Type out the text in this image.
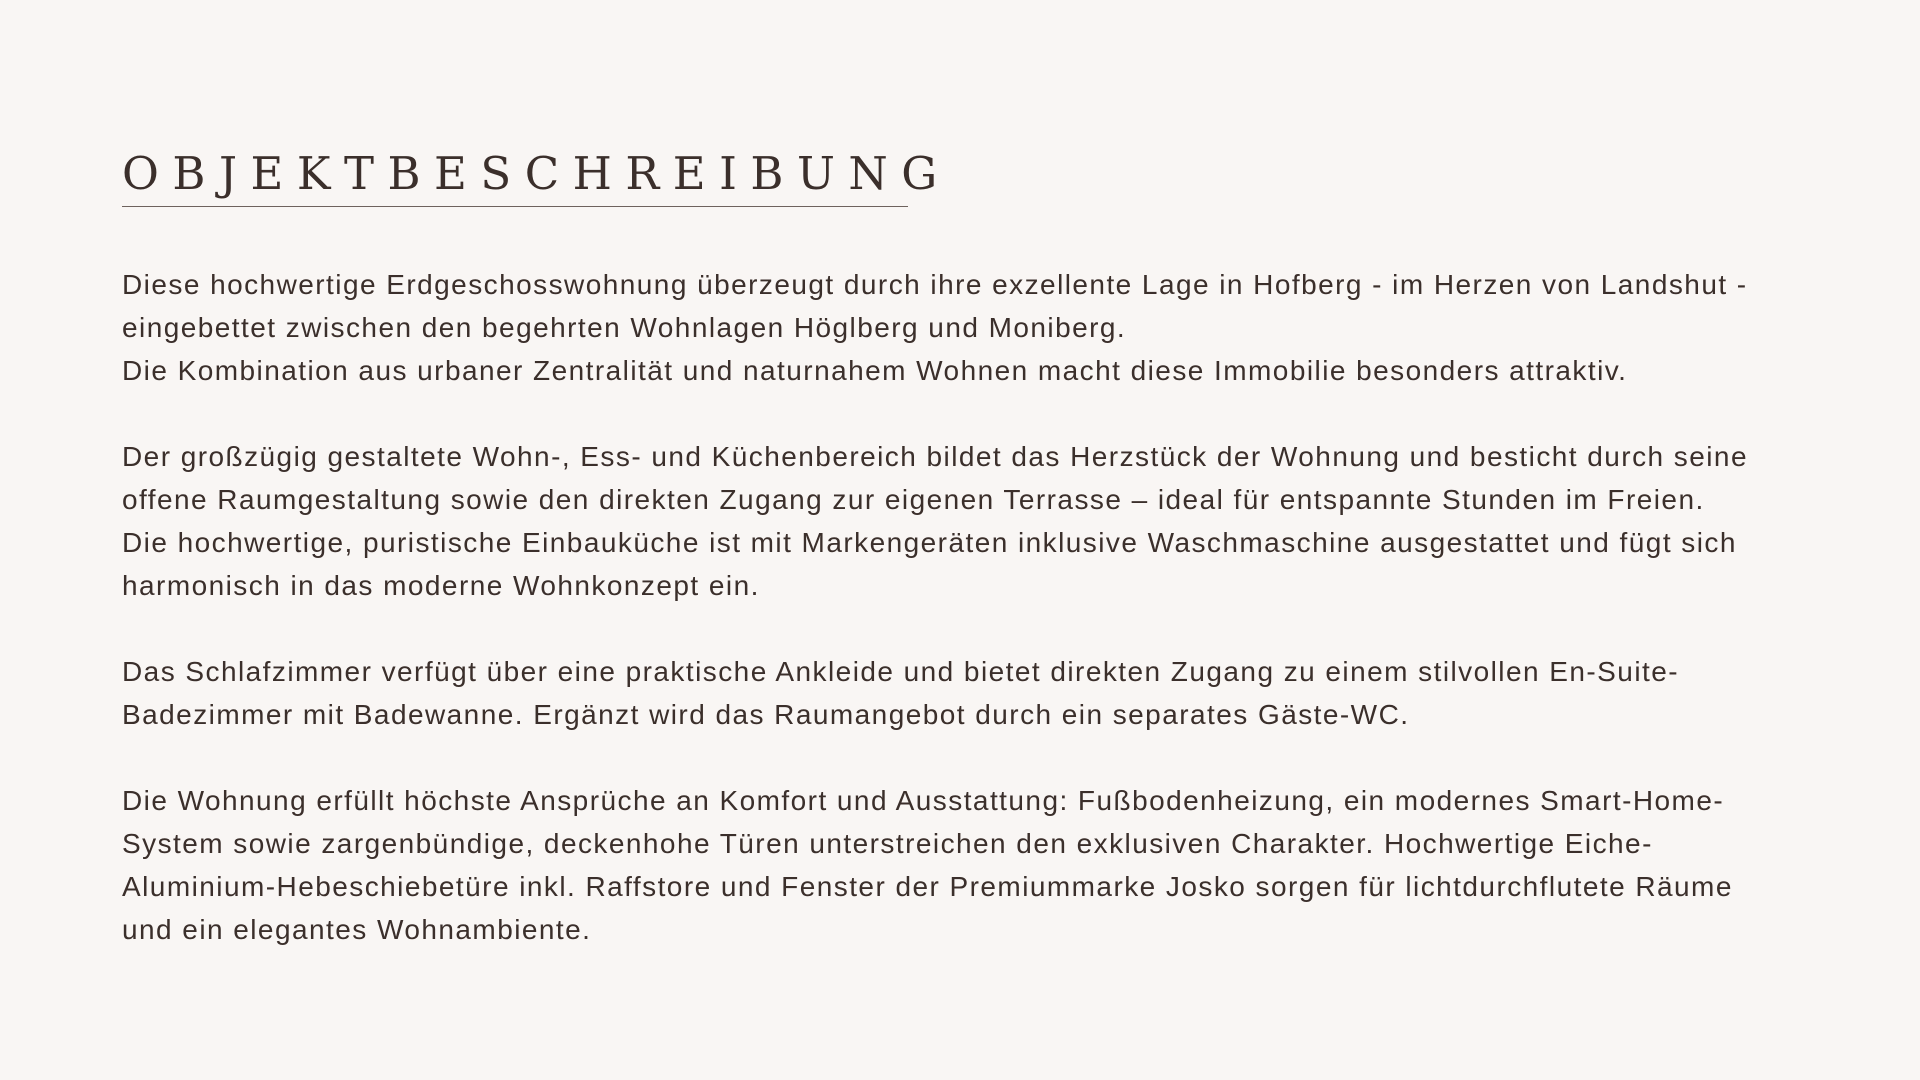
OBJEKTBESCHREIBUNG

Diese hochwertige Erdgeschosswohnung überzeugt durch ihre exzellente Lage in Hofberg - im Herzen von Landshut -
eingebettet zwischen den begehrten Wohnlagen Höglberg und Moniberg.
Die Kombination aus urbaner Zentralität und naturnahem Wohnen macht diese Immobilie besonders attraktiv.

Der großzügig gestaltete Wohn-, Ess- und Küchenbereich bildet das Herzstück der Wohnung und besticht durch seine
offene Raumgestaltung sowie den direkten Zugang zur eigenen Terrasse – ideal für entspannte Stunden im Freien.
Die hochwertige, puristische Einbauküche ist mit Markengeräten inklusive Waschmaschine ausgestattet und fügt sich
harmonisch in das moderne Wohnkonzept ein.

Das Schlafzimmer verfügt über eine praktische Ankleide und bietet direkten Zugang zu einem stilvollen En-Suite-
Badezimmer mit Badewanne. Ergänzt wird das Raumangebot durch ein separates Gäste-WC.

Die Wohnung erfüllt höchste Ansprüche an Komfort und Ausstattung: Fußbodenheizung, ein modernes Smart-Home-
System sowie zargenbündige, deckenhohe Türen unterstreichen den exklusiven Charakter. Hochwertige Eiche-
Aluminium-Hebeschiebetüre inkl. Raffstore und Fenster der Premiummarke Josko sorgen für lichtdurchflutete Räume
und ein elegantes Wohnambiente.
